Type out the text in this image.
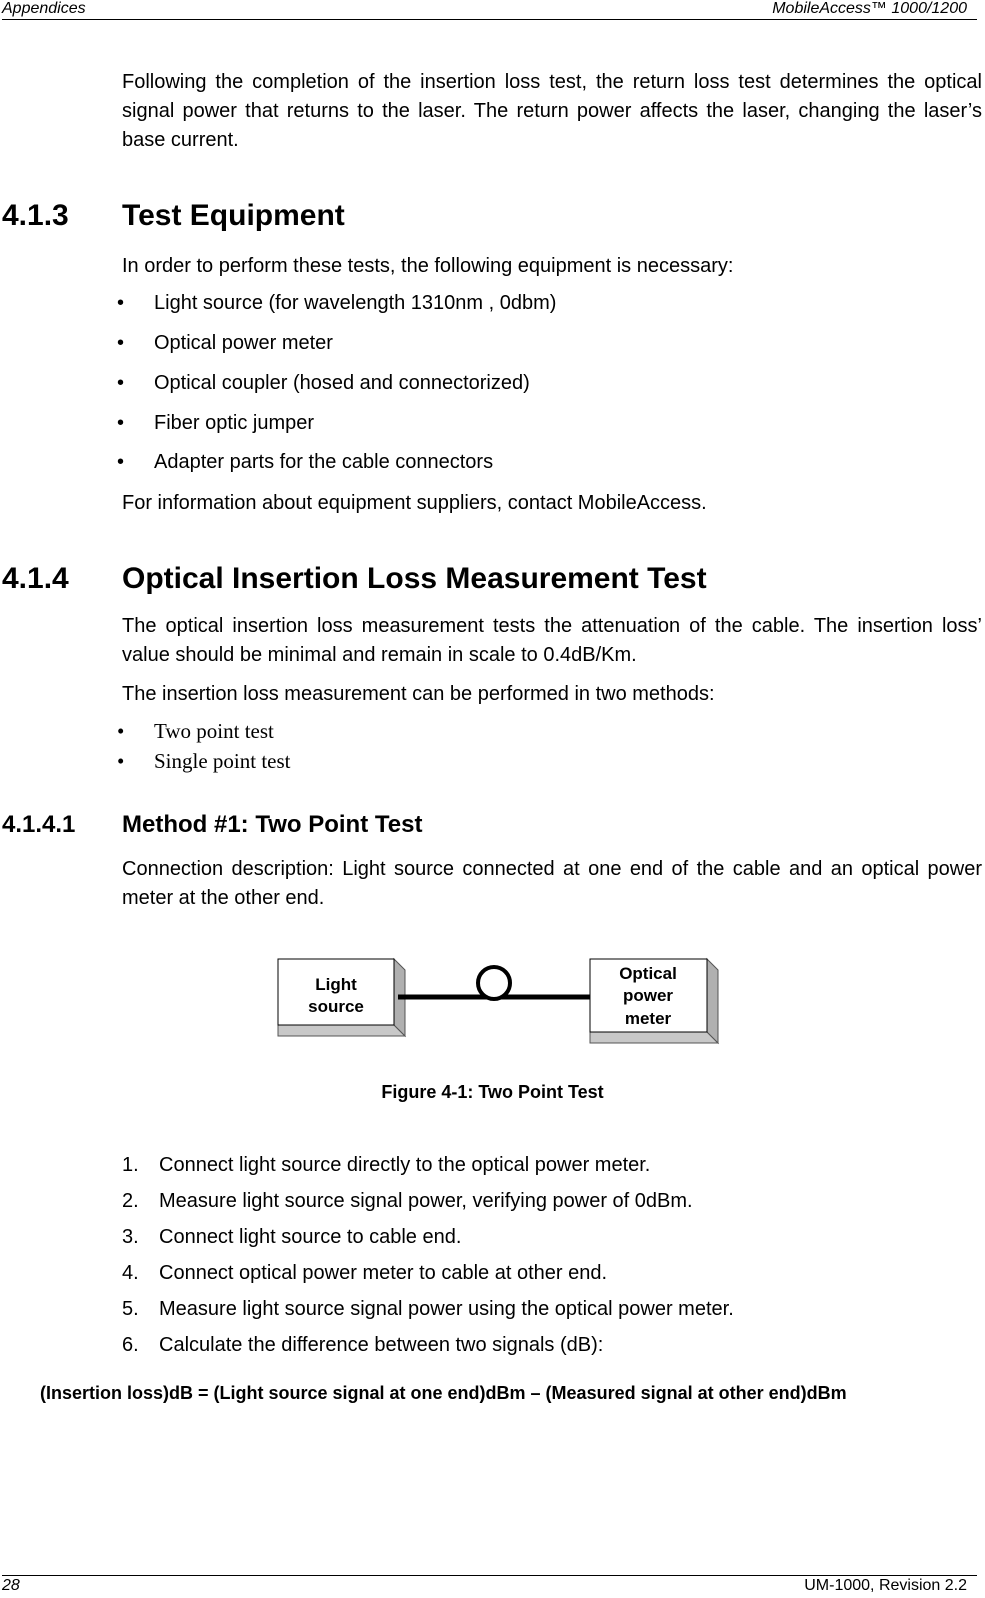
Appendices	MobileAccess™ 1000/1200
Following the completion of the insertion loss test, the return loss test determines the optical signal power that returns to the laser. The return power affects the laser, changing the laser’s base current.
4.1.3 Test Equipment
In order to perform these tests, the following equipment is necessary:
• Light source (for wavelength 1310nm , 0dbm)
• Optical power meter
• Optical coupler (hosed and connectorized)
• Fiber optic jumper
• Adapter parts for the cable connectors
For information about equipment suppliers, contact MobileAccess.
4.1.4 Optical Insertion Loss Measurement Test
The optical insertion loss measurement tests the attenuation of the cable. The insertion loss’ value should be minimal and remain in scale to 0.4dB/Km.
The insertion loss measurement can be performed in two methods:
• Two point test
• Single point test
4.1.4.1 Method #1: Two Point Test
Connection description: Light source connected at one end of the cable and an optical power meter at the other end.
Light
source
Optical
power
meter
Figure 4-1: Two Point Test
1. Connect light source directly to the optical power meter.
2. Measure light source signal power, verifying power of 0dBm.
3. Connect light source to cable end.
4. Connect optical power meter to cable at other end.
5. Measure light source signal power using the optical power meter.
6. Calculate the difference between two signals (dB):
(Insertion loss)dB = (Light source signal at one end)dBm – (Measured signal at other end)dBm
28	UM-1000, Revision 2.2
